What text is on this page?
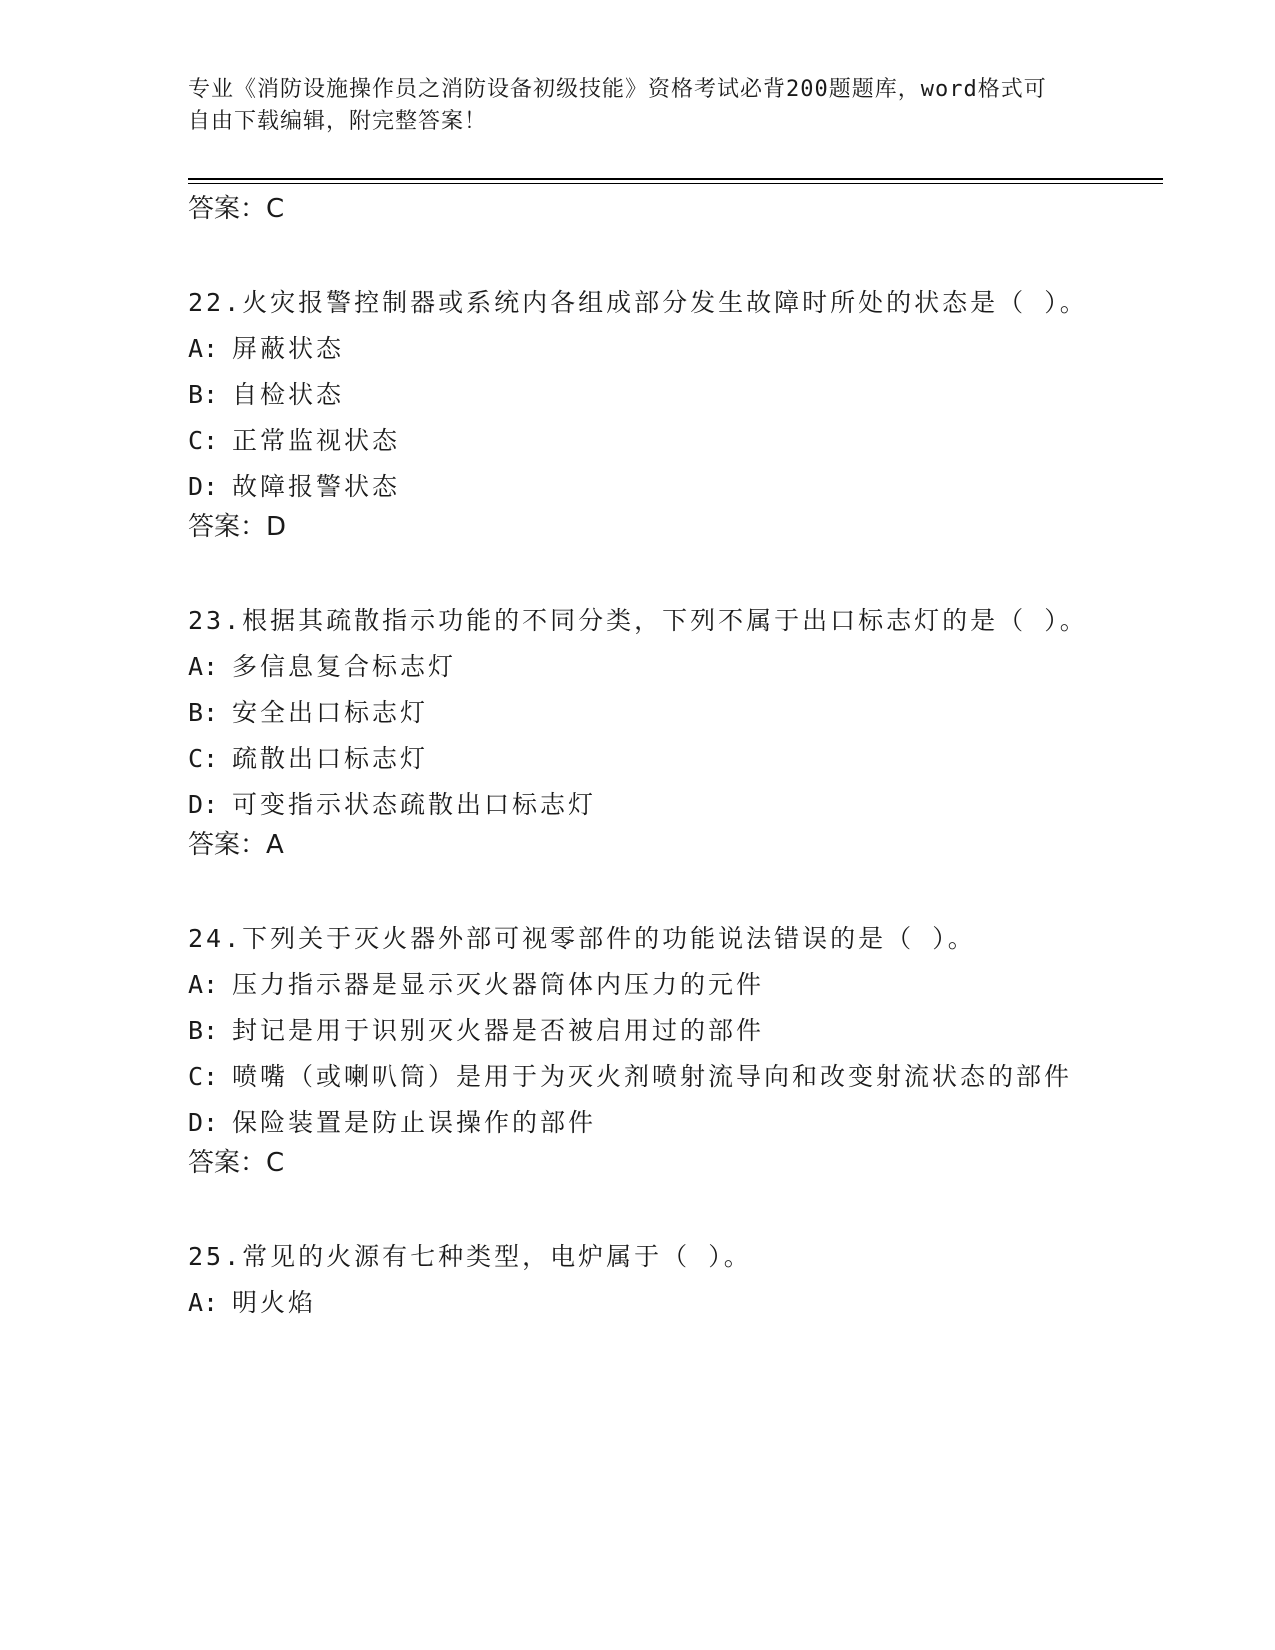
专业《消防设施操作员之消防设备初级技能》资格考试必背200题题库，word格式可自由下载编辑，附完整答案！

答案：C

22.火灾报警控制器或系统内各组成部分发生故障时所处的状态是（ ）。

A: 屏蔽状态

B: 自检状态

C: 正常监视状态

D: 故障报警状态

答案：D

23.根据其疏散指示功能的不同分类，下列不属于出口标志灯的是（ ）。

A: 多信息复合标志灯

B: 安全出口标志灯

C: 疏散出口标志灯

D: 可变指示状态疏散出口标志灯

答案：A

24.下列关于灭火器外部可视零部件的功能说法错误的是（ ）。

A: 压力指示器是显示灭火器筒体内压力的元件

B: 封记是用于识别灭火器是否被启用过的部件

C: 喷嘴（或喇叭筒）是用于为灭火剂喷射流导向和改变射流状态的部件

D: 保险装置是防止误操作的部件

答案：C

25.常见的火源有七种类型，电炉属于（ ）。

A: 明火焰
